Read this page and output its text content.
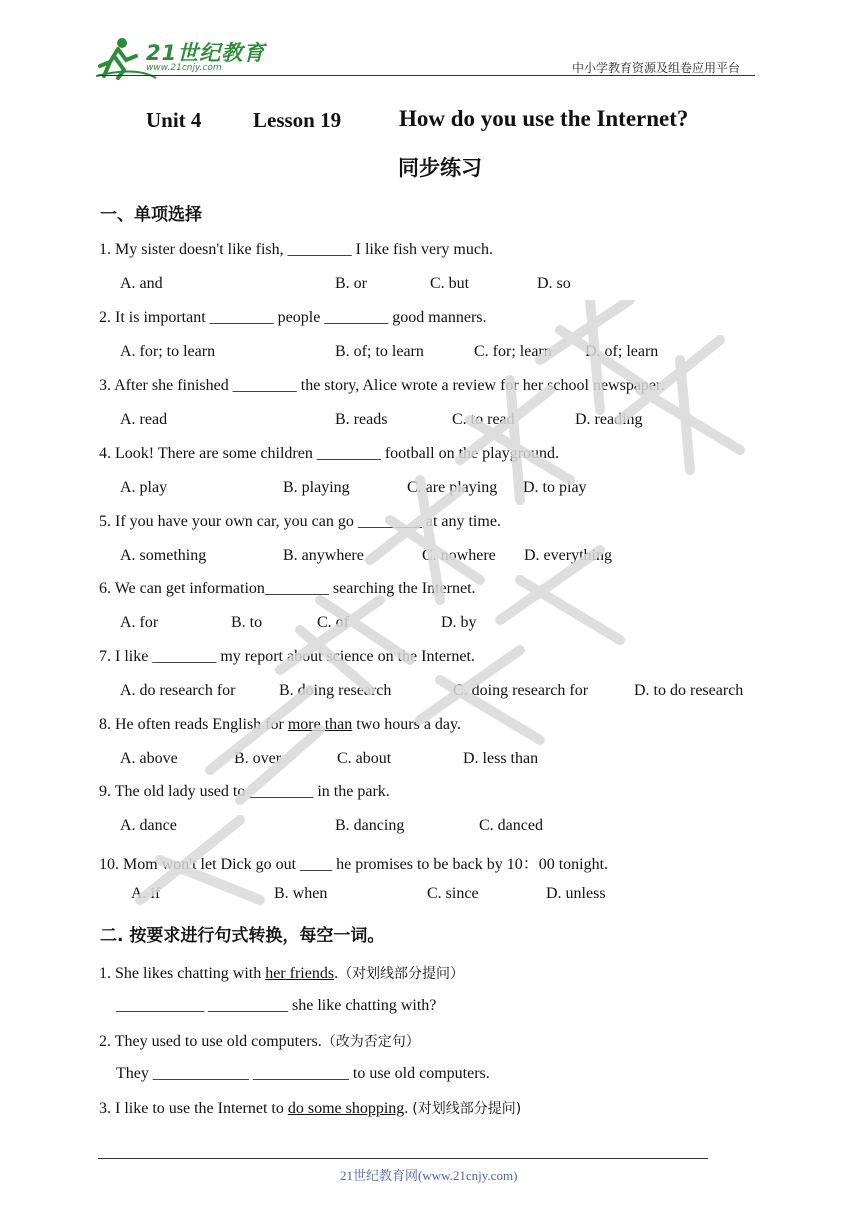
21世纪教育
www.21cnjy.com	中小学教育资源及组卷应用平台
Unit 4 Lesson 19	How do you use the Internet?
同步练习
一、单项选择
1. My sister doesn't like fish, ________ I like fish very much.
A. and	B. or	C. but	D. so
2. It is important ________ people ________ good manners.
A. for; to learn	B. of; to learn	C. for; learn D. of; learn
3. After she finished ________ the story, Alice wrote a review for her school newspaper.
A. read	B. reads	C. to read	D. reading
4. Look! There are some children ________ football on the playground.
A. play	B. playing	C. are playing D. to play
5. If you have your own car, you can go ________ at any time.
A. something	B. anywhere	C. nowhere D. everything
6. We can get information________ searching the Internet.
A. for	B. to	C. of	D. by
7. I like ________ my report about science on the Internet.
A. do research for	B. doing research	C. doing research for	D. to do research
8. He often reads English for more than two hours a day.
A. above	B. over	C. about	D. less than
9. The old lady used to ________ in the park.
A. dance	B. dancing	C. danced
10. Mom won't let Dick go out ____ he promises to be back by 10：00 tonight.
A. if	B. when	C. since	D. unless
二. 按要求进行句式转换，每空一词。
1. She likes chatting with her friends.（对划线部分提问）
___________ __________ she like chatting with?
2. They used to use old computers.（改为否定句）
They ____________ ____________ to use old computers.
3. I like to use the Internet to do some shopping. (对划线部分提问)
21世纪教育网(www.21cnjy.com)
